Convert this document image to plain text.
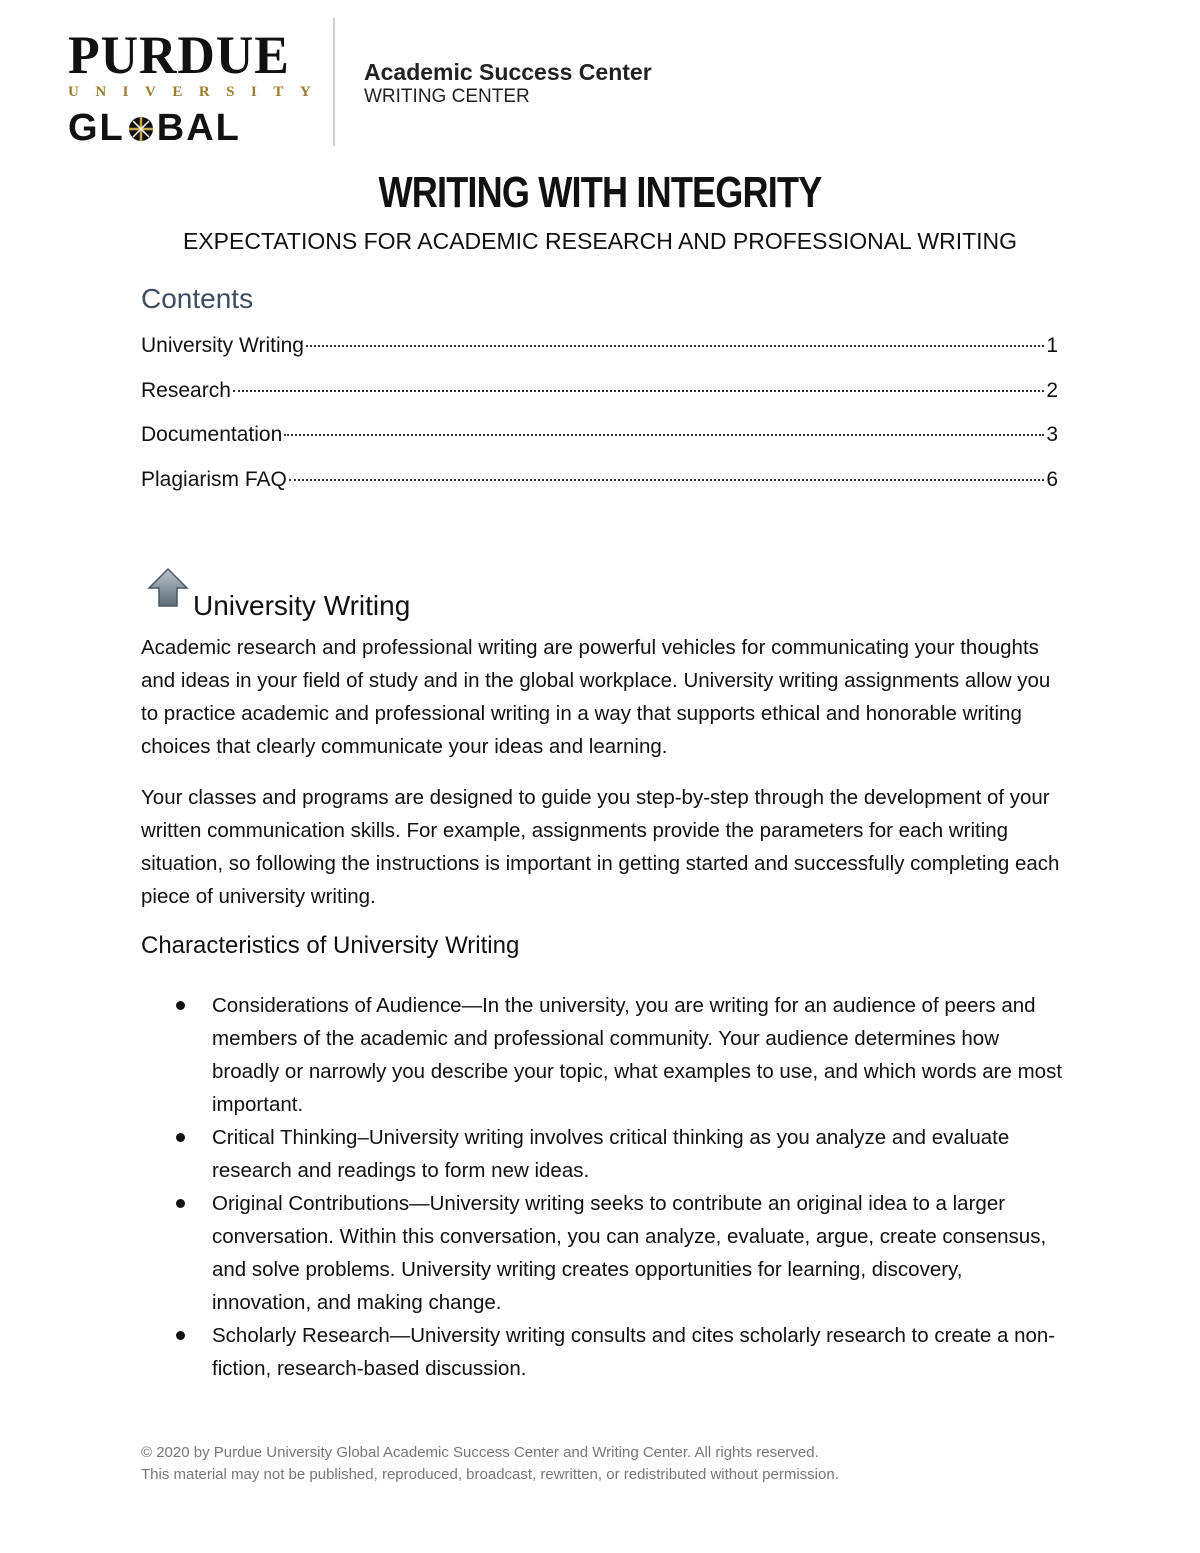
PURDUE
UNIVERSITY
GL BAL
Academic Success Center
WRITING CENTER
WRITING WITH INTEGRITY
EXPECTATIONS FOR ACADEMIC RESEARCH AND PROFESSIONAL WRITING
Contents
University Writing	1
Research	2
Documentation	3
Plagiarism FAQ	6
University Writing
Academic research and professional writing are powerful vehicles for communicating your thoughts and ideas in your field of study and in the global workplace. University writing assignments allow you to practice academic and professional writing in a way that supports ethical and honorable writing choices that clearly communicate your ideas and learning.
Your classes and programs are designed to guide you step-by-step through the development of your written communication skills. For example, assignments provide the parameters for each writing situation, so following the instructions is important in getting started and successfully completing each piece of university writing.
Characteristics of University Writing
Considerations of Audience—In the university, you are writing for an audience of peers and members of the academic and professional community. Your audience determines how broadly or narrowly you describe your topic, what examples to use, and which words are most important.
Critical Thinking–University writing involves critical thinking as you analyze and evaluate research and readings to form new ideas.
Original Contributions—University writing seeks to contribute an original idea to a larger conversation. Within this conversation, you can analyze, evaluate, argue, create consensus, and solve problems. University writing creates opportunities for learning, discovery, innovation, and making change.
Scholarly Research—University writing consults and cites scholarly research to create a non-fiction, research-based discussion.
© 2020 by Purdue University Global Academic Success Center and Writing Center. All rights reserved.
This material may not be published, reproduced, broadcast, rewritten, or redistributed without permission.
